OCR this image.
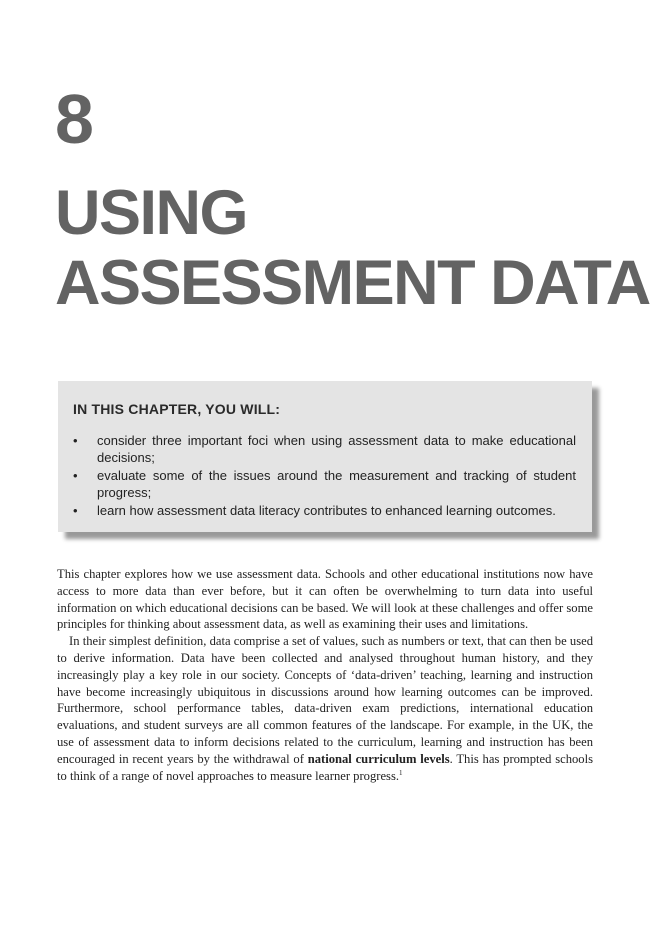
8
USING
ASSESSMENT DATA
IN THIS CHAPTER, YOU WILL:
• consider three important foci when using assessment data to make educational decisions;
• evaluate some of the issues around the measurement and tracking of student progress;
• learn how assessment data literacy contributes to enhanced learning outcomes.

This chapter explores how we use assessment data. Schools and other educational institutions now have access to more data than ever before, but it can often be overwhelming to turn data into useful information on which educational decisions can be based. We will look at these challenges and offer some principles for thinking about assessment data, as well as examining their uses and limitations.

In their simplest definition, data comprise a set of values, such as numbers or text, that can then be used to derive information. Data have been collected and analysed throughout human history, and they increasingly play a key role in our society. Concepts of ‘data-driven’ teaching, learning and instruction have become increasingly ubiquitous in discussions around how learning outcomes can be improved. Furthermore, school performance tables, data-driven exam predictions, international education evaluations, and student surveys are all common features of the landscape. For example, in the UK, the use of assessment data to inform decisions related to the curriculum, learning and instruction has been encouraged in recent years by the withdrawal of national curriculum levels. This has prompted schools to think of a range of novel approaches to measure learner progress.$^1$
